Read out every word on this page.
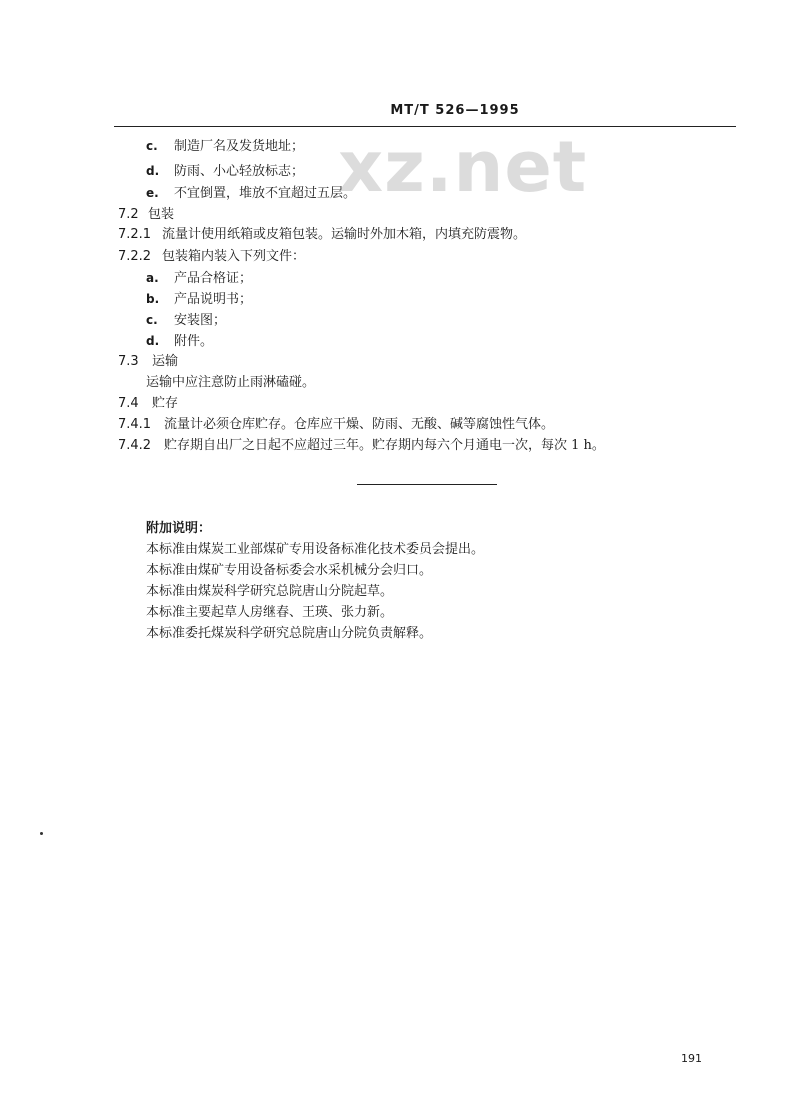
xz.net
MT/T 526—1995
c. 制造厂名及发货地址；
d. 防雨、小心轻放标志；
e. 不宜倒置，堆放不宜超过五层。
7.2 包装
7.2.1 流量计使用纸箱或皮箱包装。运输时外加木箱，内填充防震物。
7.2.2 包装箱内装入下列文件：
a. 产品合格证；
b. 产品说明书；
c. 安装图；
d. 附件。
7.3 运输
运输中应注意防止雨淋磕碰。
7.4 贮存
7.4.1 流量计必须仓库贮存。仓库应干燥、防雨、无酸、碱等腐蚀性气体。
7.4.2 贮存期自出厂之日起不应超过三年。贮存期内每六个月通电一次，每次 1 h。
附加说明：
本标准由煤炭工业部煤矿专用设备标准化技术委员会提出。
本标准由煤矿专用设备标委会水采机械分会归口。
本标准由煤炭科学研究总院唐山分院起草。
本标准主要起草人房继春、王瑛、张力新。
本标准委托煤炭科学研究总院唐山分院负责解释。
191
